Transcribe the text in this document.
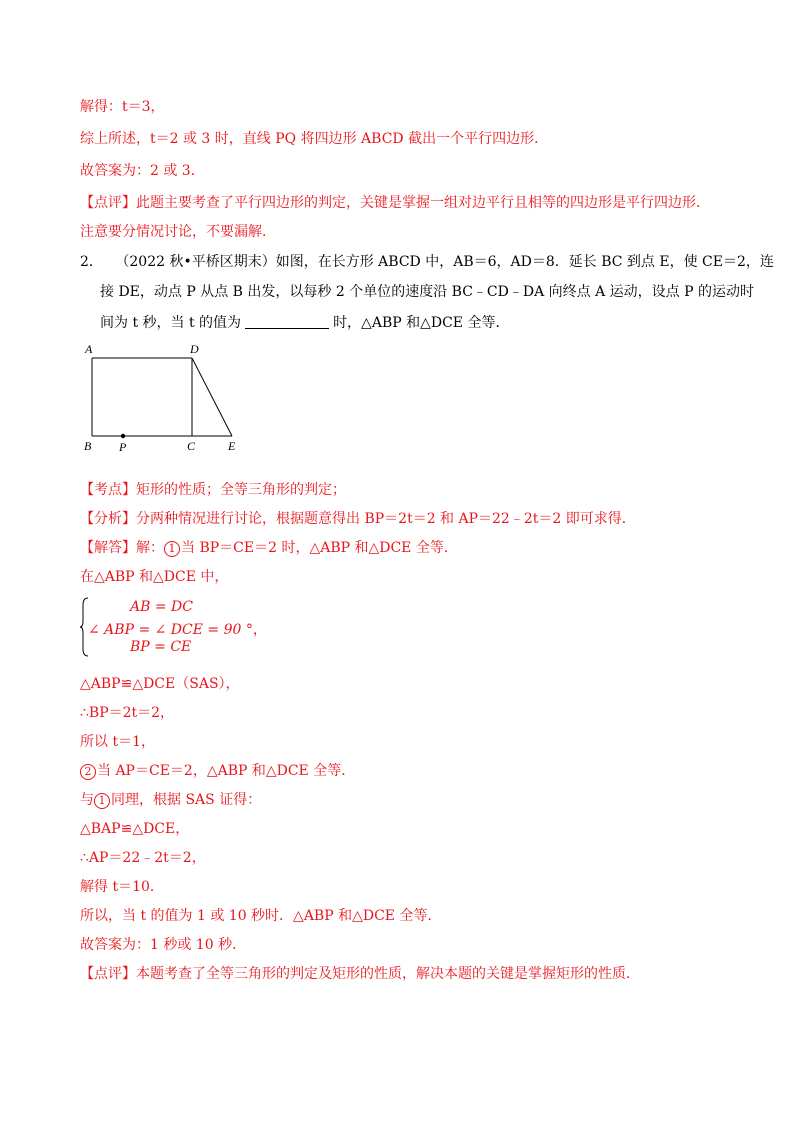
解得：t＝3，
综上所述，t＝2 或 3 时，直线 PQ 将四边形 ABCD 截出一个平行四边形．
故答案为：2 或 3．
【点评】此题主要考查了平行四边形的判定，关键是掌握一组对边平行且相等的四边形是平行四边形．
注意要分情况讨论，不要漏解．
2． （2022 秋•平桥区期末）如图，在长方形 ABCD 中，AB＝6，AD＝8．延长 BC 到点 E，使 CE＝2，连
接 DE，动点 P 从点 B 出发，以每秒 2 个单位的速度沿 BC﹣CD﹣DA 向终点 A 运动，设点 P 的运动时
间为 t 秒，当 t 的值为	时，△ABP 和△DCE 全等．
A	D
B P	C	E
【考点】矩形的性质；全等三角形的判定；
【分析】分两种情况进行讨论，根据题意得出 BP＝2t＝2 和 AP＝22﹣2t＝2 即可求得．
【解答】解： 1 当 BP＝CE＝2 时，△ABP 和△DCE 全等．
在△ABP 和△DCE 中，
AB = DC
∠ ABP = ∠ DCE = 90 °，
BP = CE
△ABP≌△DCE（SAS），
∴BP＝2t＝2，
所以 t＝1，
2 当 AP＝CE＝2，△ABP 和△DCE 全等．
与 1 同理，根据 SAS 证得：
△BAP≌△DCE，
∴AP＝22﹣2t＝2，
解得 t＝10．
所以，当 t 的值为 1 或 10 秒时．△ABP 和△DCE 全等．
故答案为：1 秒或 10 秒．
【点评】本题考查了全等三角形的判定及矩形的性质，解决本题的关键是掌握矩形的性质．
